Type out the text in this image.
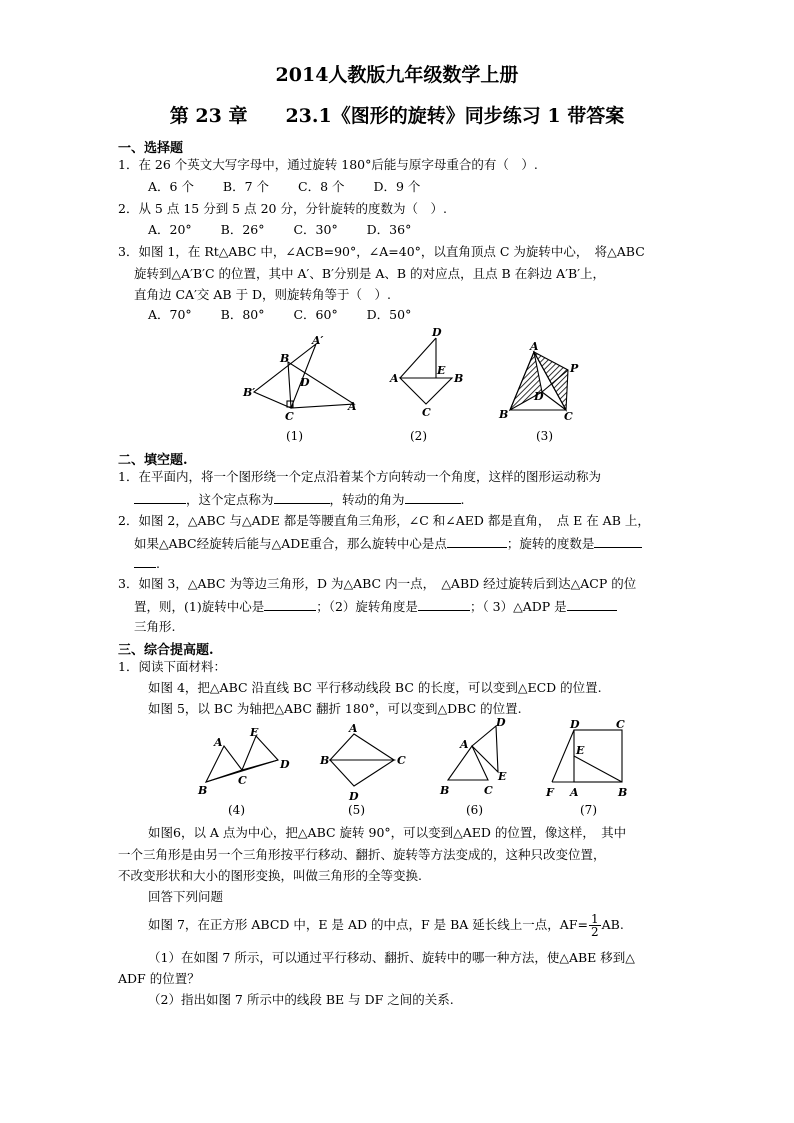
2014人教版九年级数学上册
第 23 章　　23.1《图形的旋转》同步练习 1 带答案
一、选择题
1．在 26 个英文大写字母中，通过旋转 180°后能与原字母重合的有（　）.
A．6 个　　 B．7 个　　 C．8 个　　 D．9 个
2．从 5 点 15 分到 5 点 20 分，分针旋转的度数为（　）.
A．20°　　 B．26°　　 C．30°　　 D．36°
3．如图 1，在 Rt△ABC 中，∠ACB=90°，∠A=40°，以直角顶点 C 为旋转中心，　将△ABC
旋转到△A′B′C 的位置，其中 A′、B′分别是 A、B 的对应点，且点 B 在斜边 A′B′上，
直角边 CA′交 AB 于 D，则旋转角等于（　）.
A．70°　　 B．80°　　 C．60°　　 D．50°
B
A′
D
B′
C
A
(1)
D
A
E
B
C
(2)
A
P
D
B	C
(3)
二、填空题.
1．在平面内，将一个图形绕一个定点沿着某个方向转动一个角度，这样的图形运动称为
，这个定点称为	，转动的角为	.
2．如图 2，△ABC 与△ADE 都是等腰直角三角形，∠C 和∠AED 都是直角，　点 E 在 AB 上，
如果△ABC经旋转后能与△ADE重合，那么旋转中心是点	；旋转的度数是
.
3．如图 3，△ABC 为等边三角形，D 为△ABC 内一点，　△ABD 经过旋转后到达△ACP 的位
置，则，(1)旋转中心是	；（2）旋转角度是	；（ 3）△ADP 是
三角形.
三、综合提高题.
1．阅读下面材料：
如图 4，把△ABC 沿直线 BC 平行移动线段 BC 的长度，可以变到△ECD 的位置.
如图 5，以 BC 为轴把△ABC 翻折 180°，可以变到△DBC 的位置.
A
E
D
C
B
(4)
A
B	C
D
(5)
A
D
E
B	C
(6)
D	C
E
F A	B
(7)
如图6，以 A 点为中心，把△ABC 旋转 90°，可以变到△AED 的位置，像这样，　其中
一个三角形是由另一个三角形按平行移动、翻折、旋转等方法变成的，这种只改变位置，
不改变形状和大小的图形变换，叫做三角形的全等变换.
回答下列问题
如图 7，在正方形 ABCD 中，E 是 AD 的中点，F 是 BA 延长线上一点，$AF= \frac{1}{2}$ AB.
（1）在如图 7 所示，可以通过平行移动、翻折、旋转中的哪一种方法，使△ABE 移到△
ADF 的位置？
（2）指出如图 7 所示中的线段 BE 与 DF 之间的关系.
